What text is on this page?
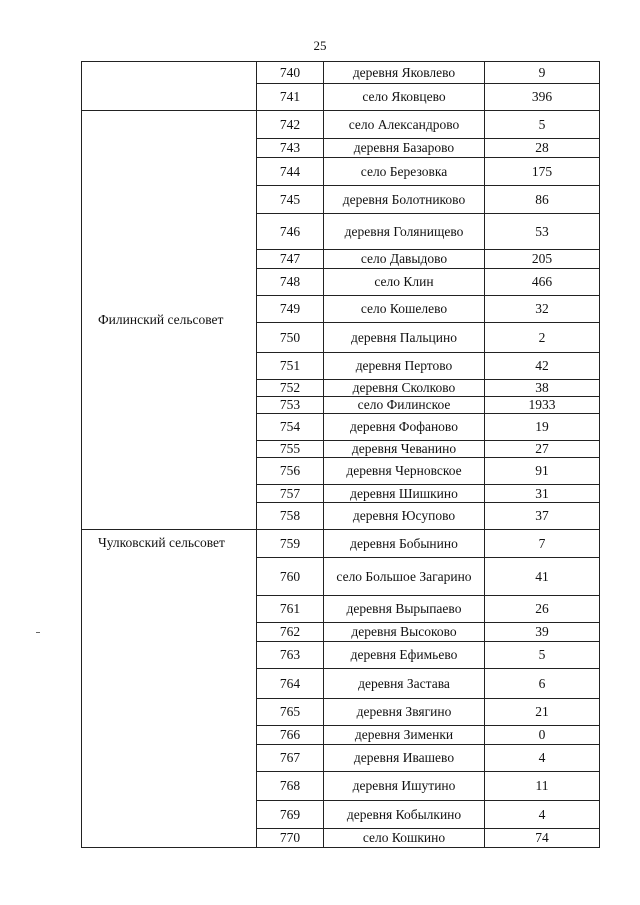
25
	740	деревня Яковлево	9
	741	село Яковцево	396
Филинский сельсовет	742	село Александрово	5
	743	деревня Базарово	28
	744	село Березовка	175
	745	деревня Болотниково	86
	746	деревня Голянищево	53
	747	село Давыдово	205
	748	село Клин	466
	749	село Кошелево	32
	750	деревня Пальцино	2
	751	деревня Пертово	42
	752	деревня Сколково	38
	753	село Филинское	1933
	754	деревня Фофаново	19
	755	деревня Чеванино	27
	756	деревня Черновское	91
	757	деревня Шишкино	31
	758	деревня Юсупово	37
Чулковский сельсовет	759	деревня Бобынино	7
	760	село Большое Загарино	41
	761	деревня Вырыпаево	26
	762	деревня Высоково	39
	763	деревня Ефимьево	5
	764	деревня Застава	6
	765	деревня Звягино	21
	766	деревня Зименки	0
	767	деревня Ивашево	4
	768	деревня Ишутино	11
	769	деревня Кобылкино	4
	770	село Кошкино	74
